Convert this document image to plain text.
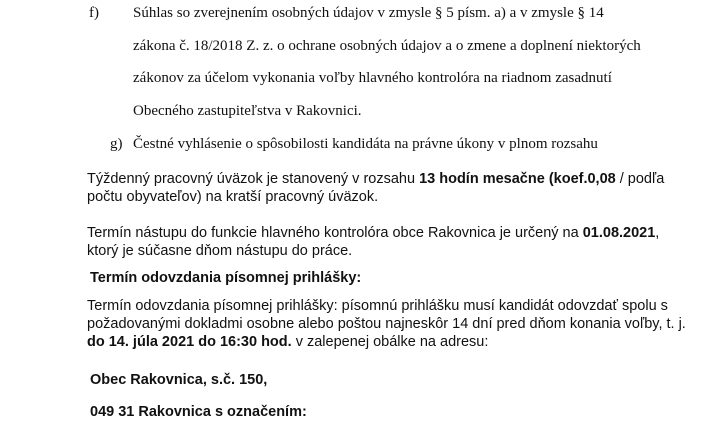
f) Súhlas so zverejnením osobných údajov v zmysle § 5 písm. a) a v zmysle § 14
zákona č. 18/2018 Z. z. o ochrane osobných údajov a o zmene a doplnení niektorých
zákonov za účelom vykonania voľby hlavného kontrolóra na riadnom zasadnutí
Obecného zastupiteľstva v Rakovnici.
g) Čestné vyhlásenie o spôsobilosti kandidáta na právne úkony v plnom rozsahu
Týždenný pracovný úväzok je stanovený v rozsahu 13 hodín mesačne (koef.0,08 / podľa
počtu obyvateľov) na kratší pracovný úväzok.
Termín nástupu do funkcie hlavného kontrolóra obce Rakovnica je určený na 01.08.2021,
ktorý je súčasne dňom nástupu do práce.
Termín odovzdania písomnej prihlášky:
Termín odovzdania písomnej prihlášky: písomnú prihlášku musí kandidát odovzdať spolu s
požadovanými dokladmi osobne alebo poštou najneskôr 14 dní pred dňom konania voľby, t. j.
do 14. júla 2021 do 16:30 hod. v zalepenej obálke na adresu:
Obec Rakovnica, s.č. 150,
049 31 Rakovnica s označením:
